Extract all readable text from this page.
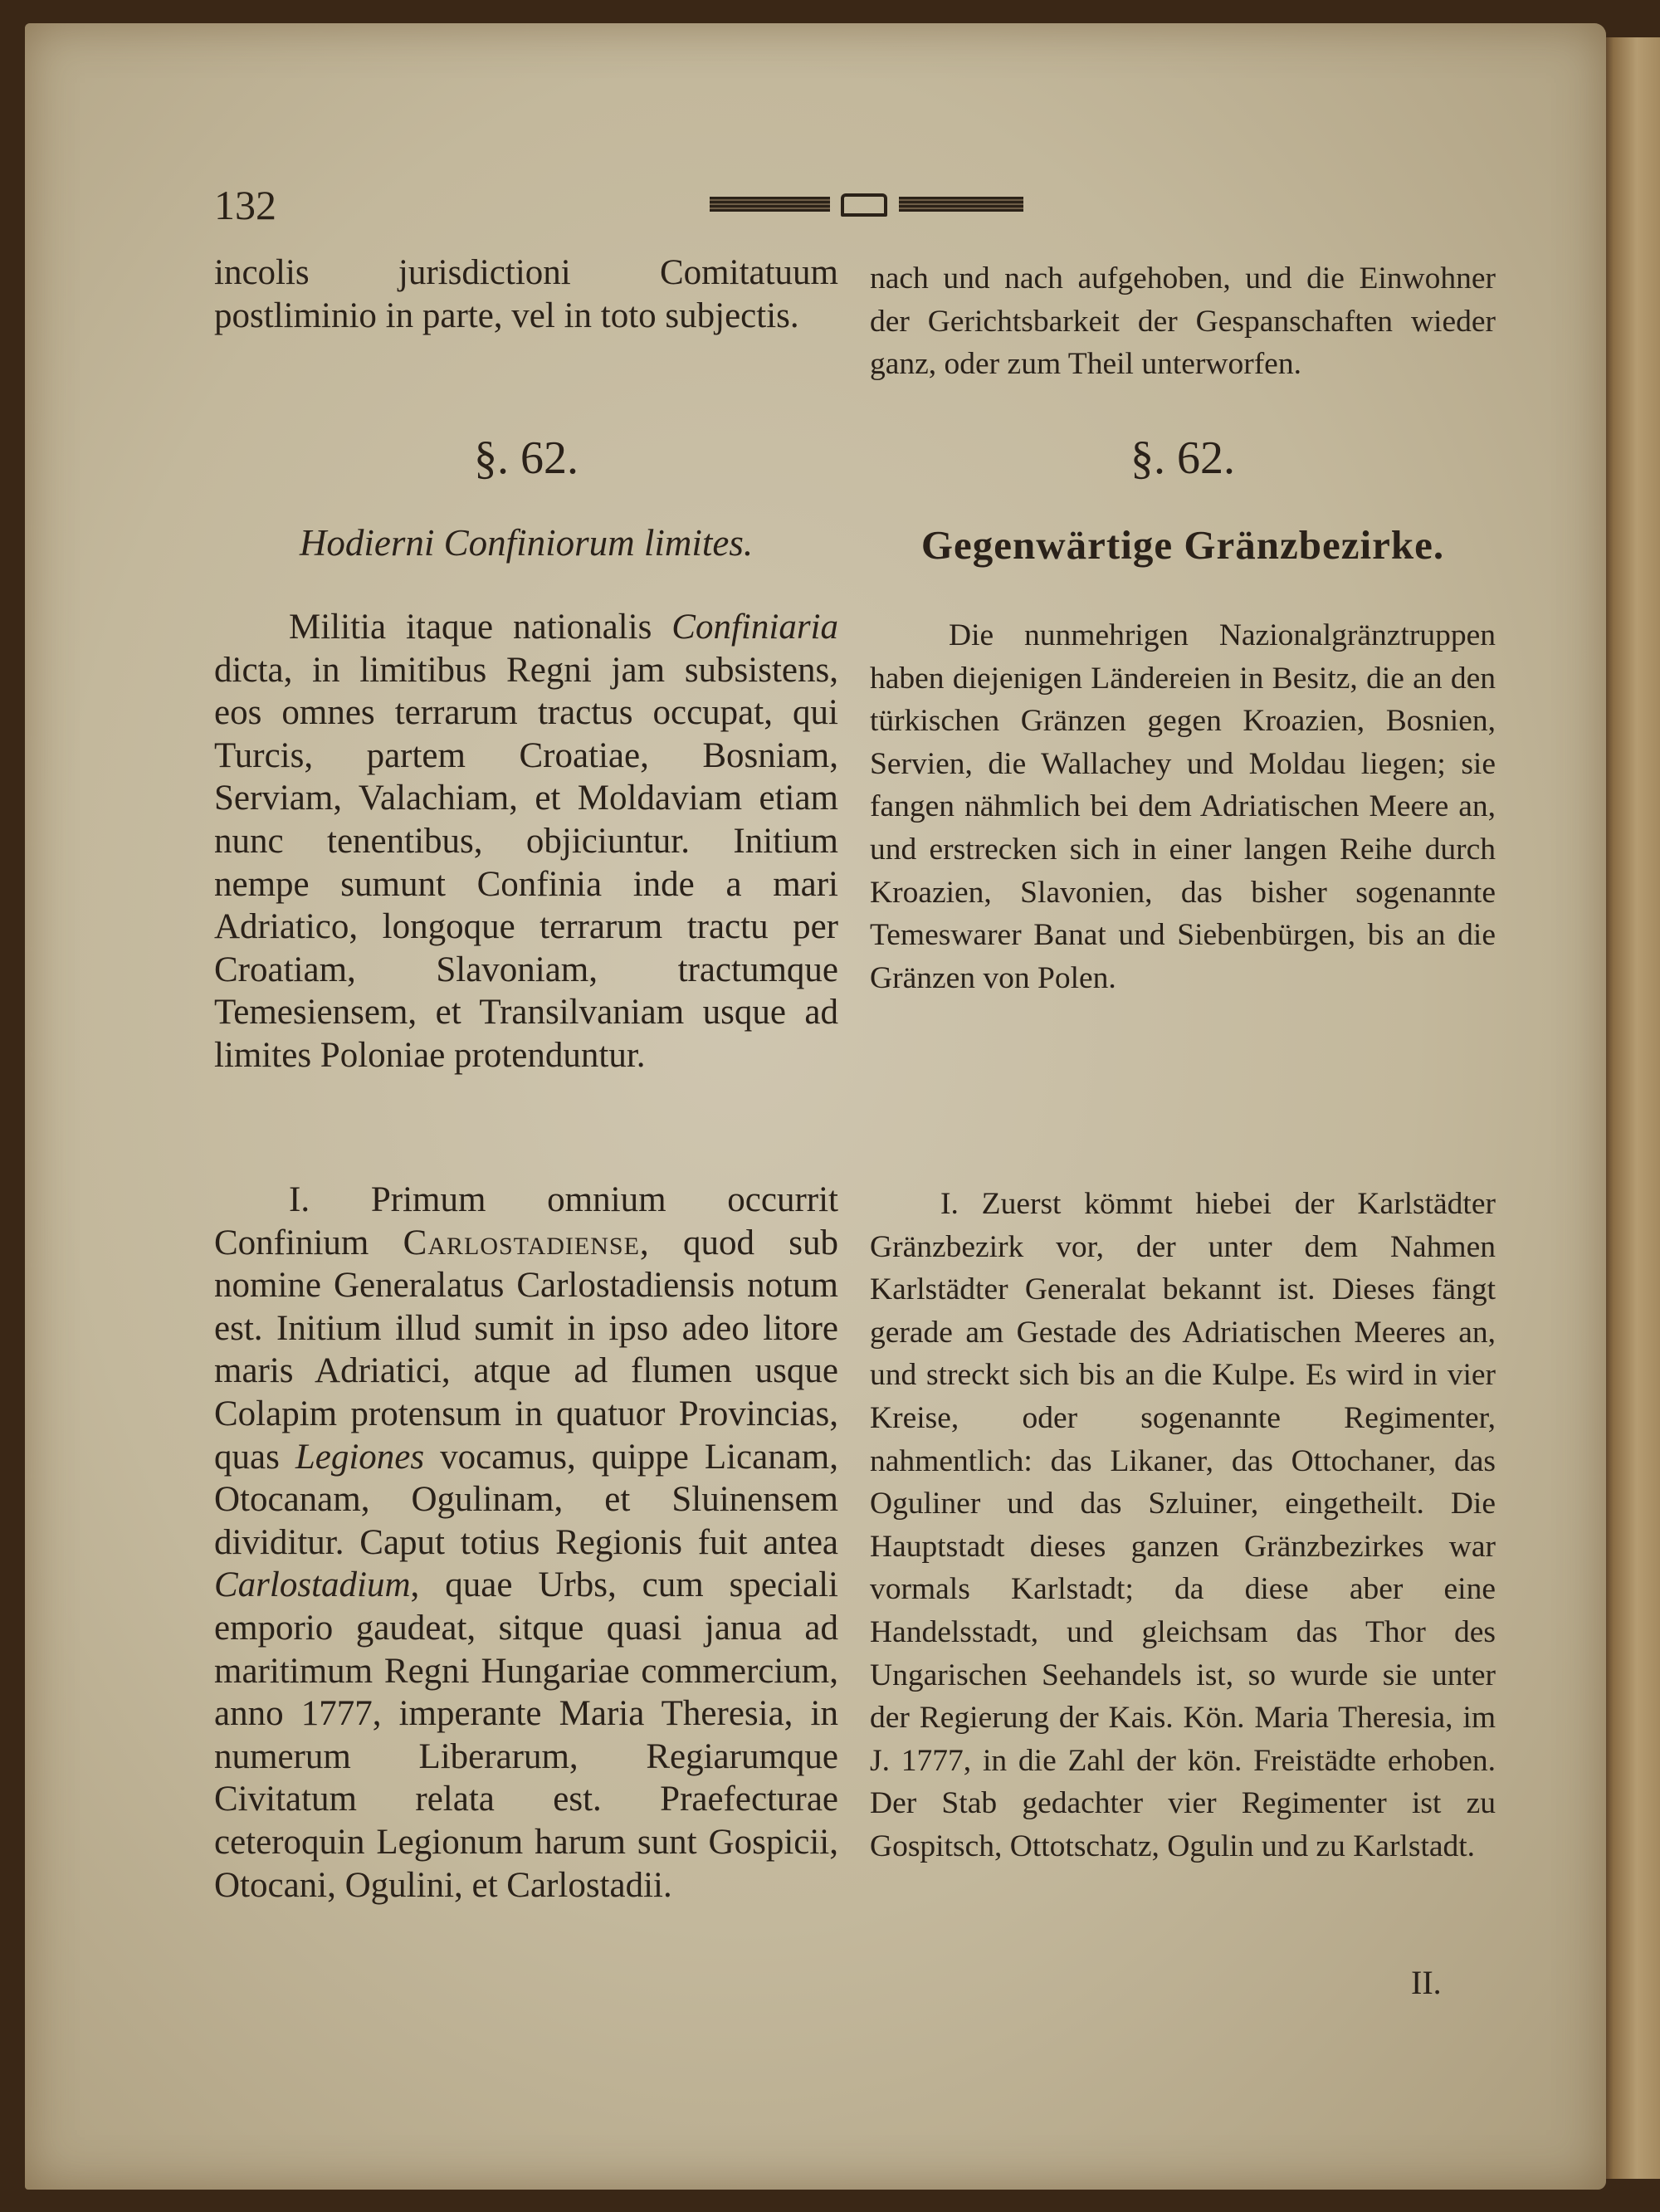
132

incolis jurisdictioni Comitatuum postliminio in parte, vel in toto subjectis.

§. 62.
Hodierni Confiniorum limites.

Militia itaque nationalis Confiniaria dicta, in limitibus Regni jam subsistens, eos omnes terrarum tractus occupat, qui Turcis, partem Croatiae, Bosniam, Serviam, Valachiam, et Moldaviam etiam nunc tenentibus, objiciuntur. Initium nempe sumunt Confinia inde a mari Adriatico, longoque terrarum tractu per Croatiam, Slavoniam, tractumque Temesiensem, et Transilvaniam usque ad limites Poloniae protenduntur.

I. Primum omnium occurrit Confinium Carlostadiense, quod sub nomine Generalatus Carlostadiensis notum est. Initium illud sumit in ipso adeo litore maris Adriatici, atque ad flumen usque Colapim protensum in quatuor Provincias, quas Legiones vocamus, quippe Licanam, Otocanam, Ogulinam, et Sluinensem dividitur. Caput totius Regionis fuit antea Carlostadium, quae Urbs, cum speciali emporio gaudeat, sitque quasi janua ad maritimum Regni Hungariae commercium, anno 1777, imperante Maria Theresia, in numerum Liberarum, Regiarumque Civitatum relata est. Praefecturae ceteroquin Legionum harum sunt Gospicii, Otocani, Ogulini, et Carlostadii.

nach und nach aufgehoben, und die Einwohner der Gerichtsbarkeit der Gespanschaften wieder ganz, oder zum Theil unterworfen.

§. 62.
Gegenwärtige Gränzbezirke.

Die nunmehrigen Nazionalgränztruppen haben diejenigen Ländereien in Besitz, die an den türkischen Gränzen gegen Kroazien, Bosnien, Servien, die Wallachey und Moldau liegen; sie fangen nähmlich bei dem Adriatischen Meere an, und erstrecken sich in einer langen Reihe durch Kroazien, Slavonien, das bisher sogenannte Temeswarer Banat und Siebenbürgen, bis an die Gränzen von Polen.

I. Zuerst kömmt hiebei der Karlstädter Gränzbezirk vor, der unter dem Nahmen Karlstädter Generalat bekannt ist. Dieses fängt gerade am Gestade des Adriatischen Meeres an, und streckt sich bis an die Kulpe. Es wird in vier Kreise, oder sogenannte Regimenter, nahmentlich: das Likaner, das Ottochaner, das Oguliner und das Szluiner, eingetheilt. Die Hauptstadt dieses ganzen Gränzbezirkes war vormals Karlstadt; da diese aber eine Handelsstadt, und gleichsam das Thor des Ungarischen Seehandels ist, so wurde sie unter der Regierung der Kais. Kön. Maria Theresia, im J. 1777, in die Zahl der kön. Freistädte erhoben. Der Stab gedachter vier Regimenter ist zu Gospitsch, Ottotschatz, Ogulin und zu Karlstadt.

II.
